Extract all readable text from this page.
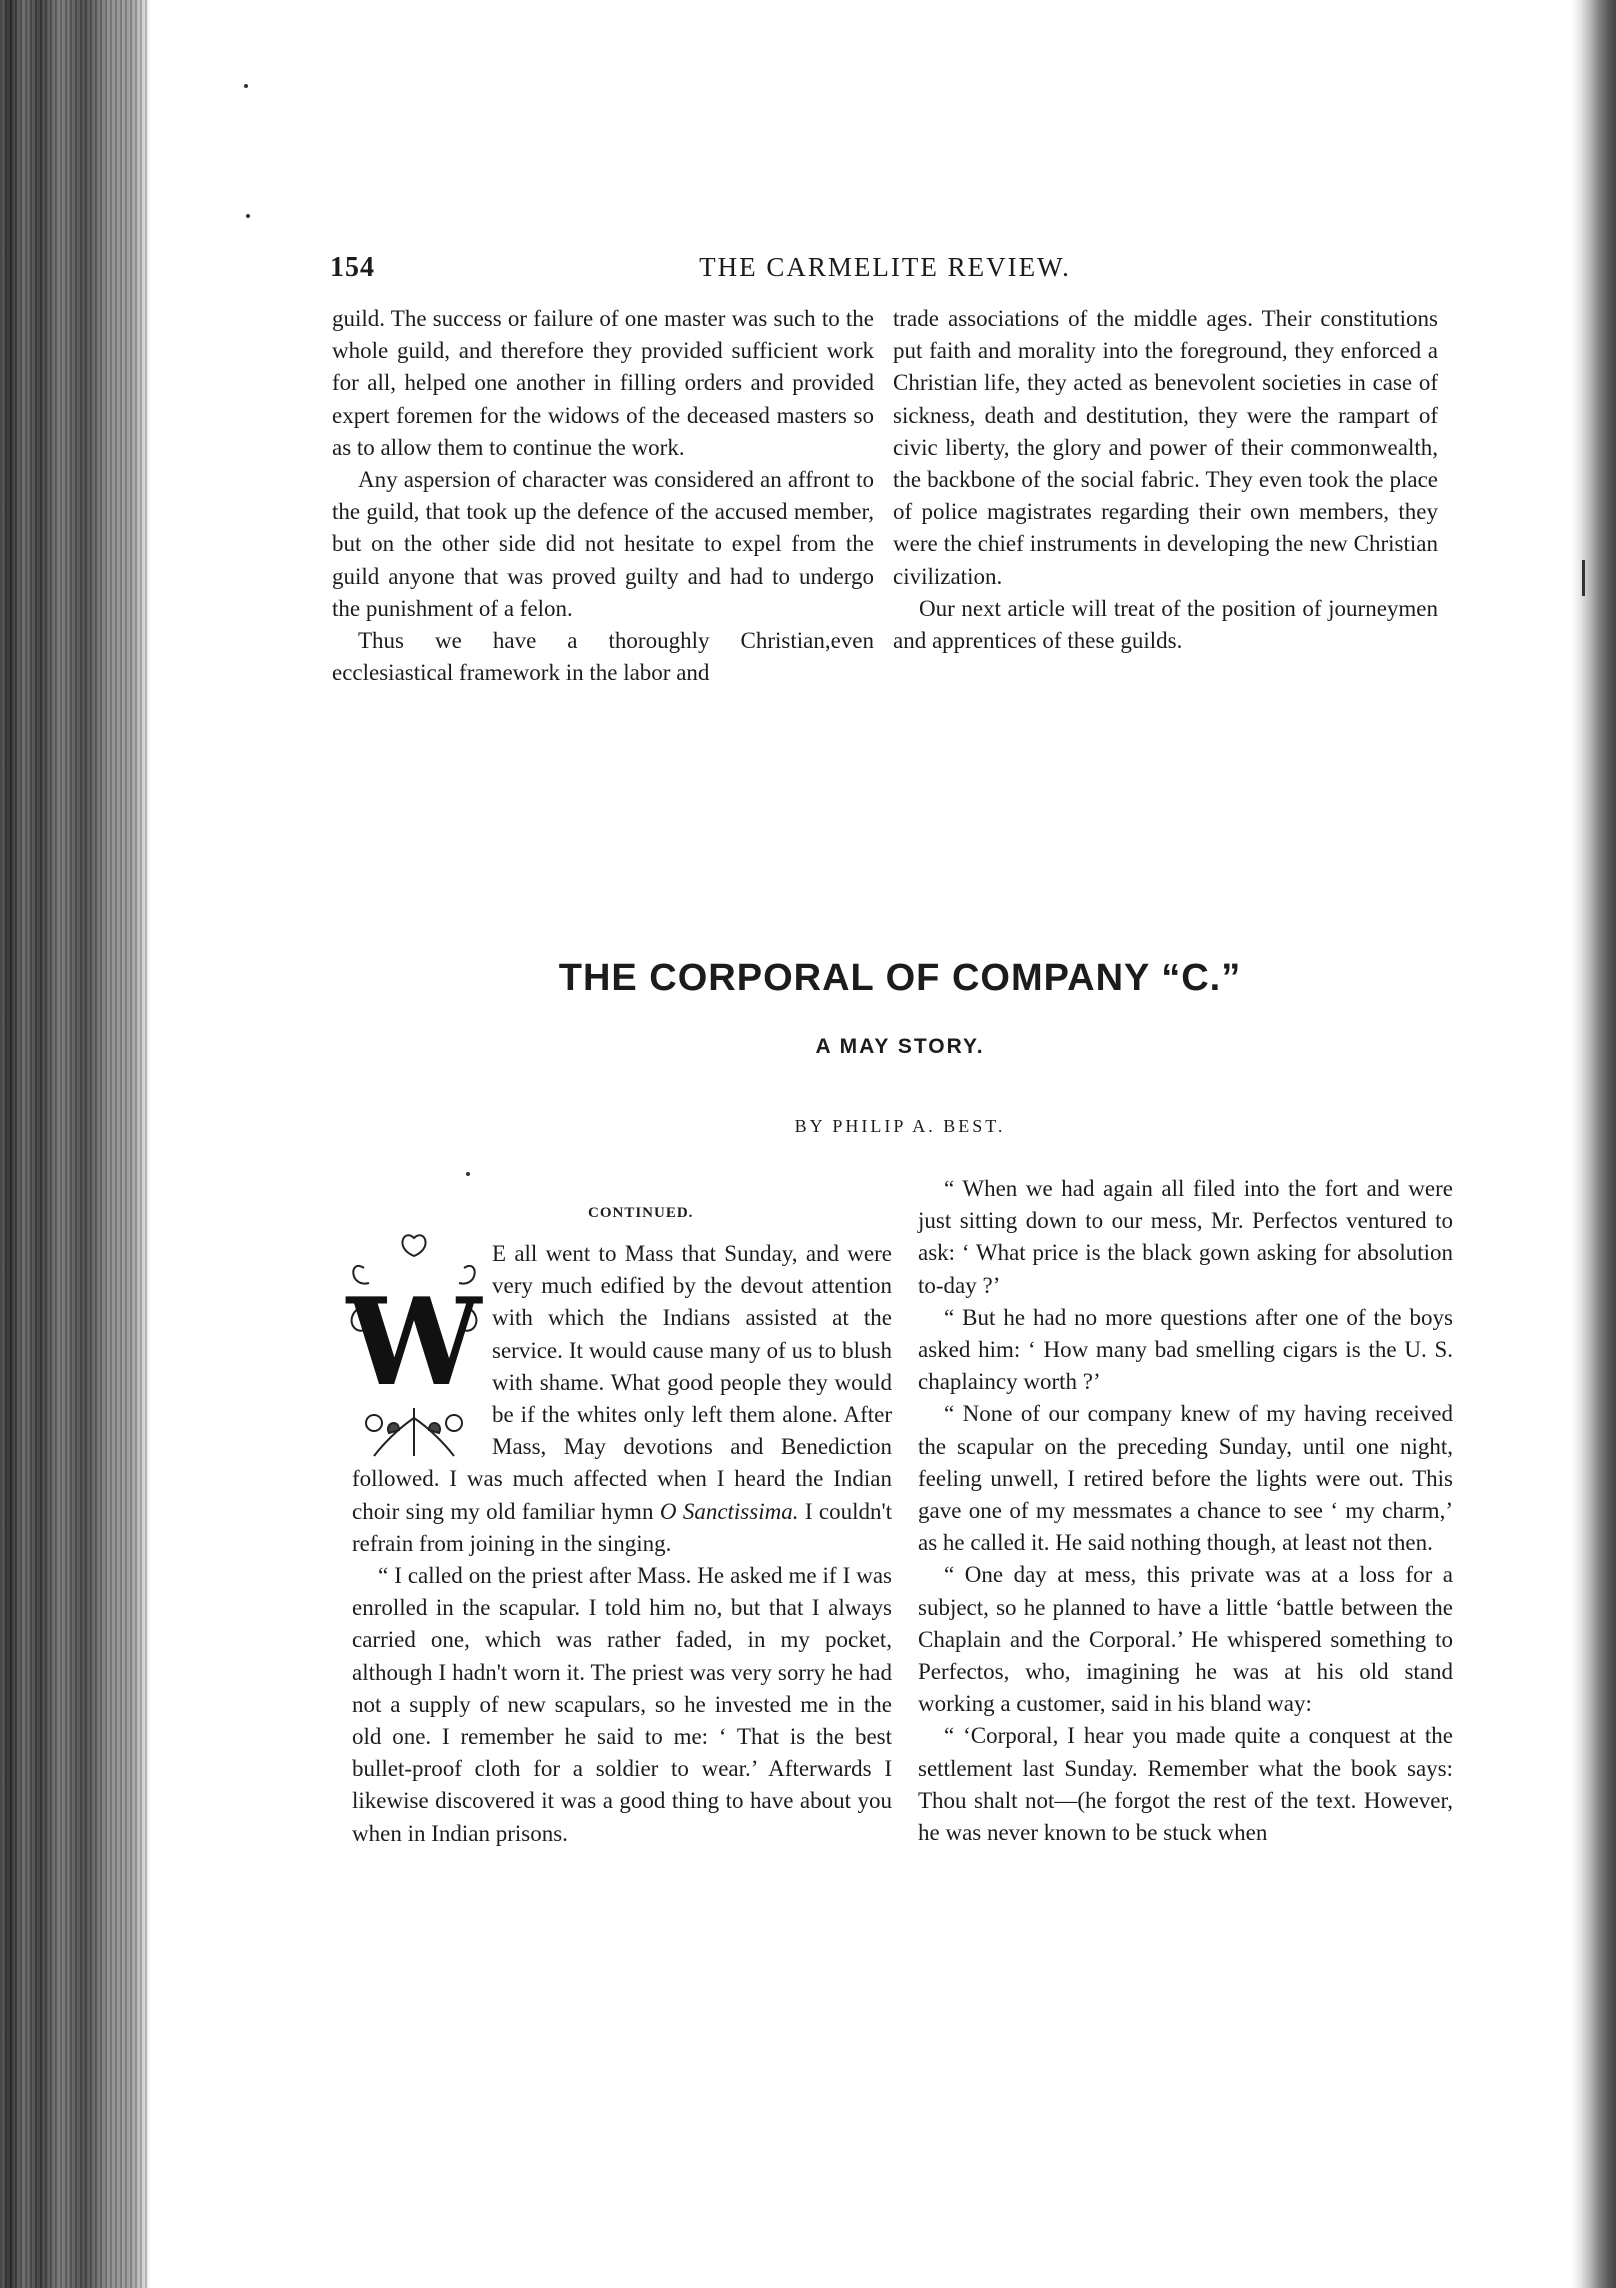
154	THE CARMELITE REVIEW.

guild. The success or failure of one master was such to the whole guild, and therefore they provided sufficient work for all, helped one another in filling orders and provided expert foremen for the widows of the deceased masters so as to allow them to continue the work.

Any aspersion of character was considered an affront to the guild, that took up the defence of the accused member, but on the other side did not hesitate to expel from the guild anyone that was proved guilty and had to undergo the punishment of a felon.

Thus we have a thoroughly Christian,even ecclesiastical framework in the labor and

trade associations of the middle ages. Their constitutions put faith and morality into the foreground, they enforced a Christian life, they acted as benevolent societies in case of sickness, death and destitution, they were the rampart of civic liberty, the glory and power of their commonwealth, the backbone of the social fabric. They even took the place of police magistrates regarding their own members, they were the chief instruments in developing the new Christian civilization.

Our next article will treat of the position of journeymen and apprentices of these guilds.

THE CORPORAL OF COMPANY “C.”
A MAY STORY.
BY PHILIP A. BEST.
CONTINUED.
W

E all went to Mass that Sunday, and were very much edified by the devout attention with which the Indians assisted at the service. It would cause many of us to blush with shame. What good people they would be if the whites only left them alone. After Mass, May devotions and Benediction followed. I was much affected when I heard the Indian choir sing my old familiar hymn O Sanctissima. I couldn't refrain from joining in the singing.

“ I called on the priest after Mass. He asked me if I was enrolled in the scapular. I told him no, but that I always carried one, which was rather faded, in my pocket, although I hadn't worn it. The priest was very sorry he had not a supply of new scapulars, so he invested me in the old one. I remember he said to me: ‘ That is the best bullet-proof cloth for a soldier to wear.’ Afterwards I likewise discovered it was a good thing to have about you when in Indian prisons.

“ When we had again all filed into the fort and were just sitting down to our mess, Mr. Perfectos ventured to ask: ‘ What price is the black gown asking for absolution to-day ?’

“ But he had no more questions after one of the boys asked him: ‘ How many bad smelling cigars is the U. S. chaplaincy worth ?’

“ None of our company knew of my having received the scapular on the preceding Sunday, until one night, feeling unwell, I retired before the lights were out. This gave one of my messmates a chance to see ‘ my charm,’ as he called it. He said nothing though, at least not then.

“ One day at mess, this private was at a loss for a subject, so he planned to have a little ‘battle between the Chaplain and the Corporal.’ He whispered something to Perfectos, who, imagining he was at his old stand working a customer, said in his bland way:

“ ‘Corporal, I hear you made quite a conquest at the settlement last Sunday. Remember what the book says: Thou shalt not—(he forgot the rest of the text. However, he was never known to be stuck when
